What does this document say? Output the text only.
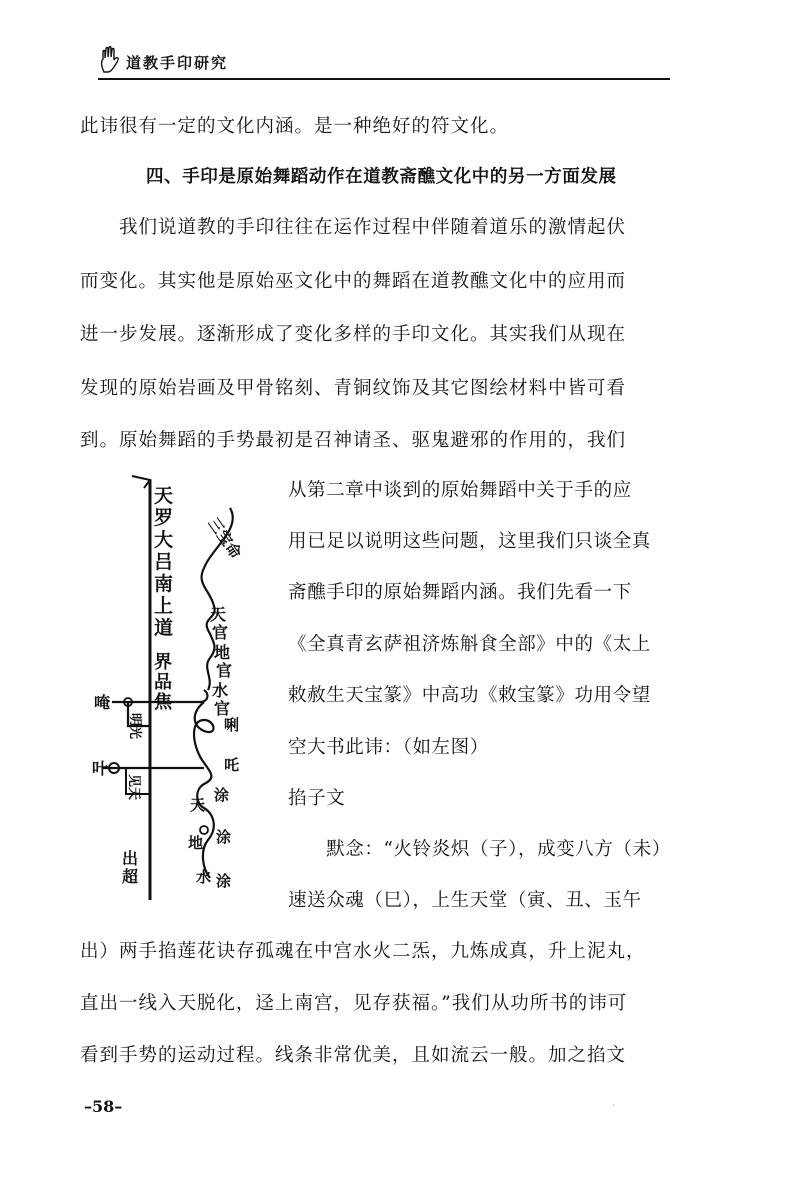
道教手印研究
此讳很有一定的文化内涵。是一种绝好的符文化。
四、手印是原始舞蹈动作在道教斋醮文化中的另一方面发展
　　我们说道教的手印往往在运作过程中伴随着道乐的激情起伏
而变化。其实他是原始巫文化中的舞蹈在道教醮文化中的应用而
进一步发展。逐渐形成了变化多样的手印文化。其实我们从现在
发现的原始岩画及甲骨铭刻、青铜纹饰及其它图绘材料中皆可看
到。原始舞蹈的手势最初是召神请圣、驱鬼避邪的作用的，我们
从第二章中谈到的原始舞蹈中关于手的应
用已足以说明这些问题，这里我们只谈全真
斋醮手印的原始舞蹈内涵。我们先看一下
《全真青玄萨祖济炼斛食全部》中的《太上
敕赦生天宝篆》中高功《敕宝篆》功用令望
空大书此讳：（如左图）
掐子文
　　默念：“火铃炎炽（子），成变八方（未）
速送众魂（巳），上生天堂（寅、丑、玉午
天
罗
大
吕
南
上
道
界
品
焦
三宝命
天
官
地
官
水
官
唵
叶
明光
见天
出
超
唎
吒
天
地
水
涂
涂
涂
出）两手掐莲花诀存孤魂在中宫水火二炁，九炼成真，升上泥丸，
直出一线入天脱化，迳上南宫，见存获福。”我们从功所书的讳可
看到手势的运动过程。线条非常优美，且如流云一般。加之掐文
–58–	·
